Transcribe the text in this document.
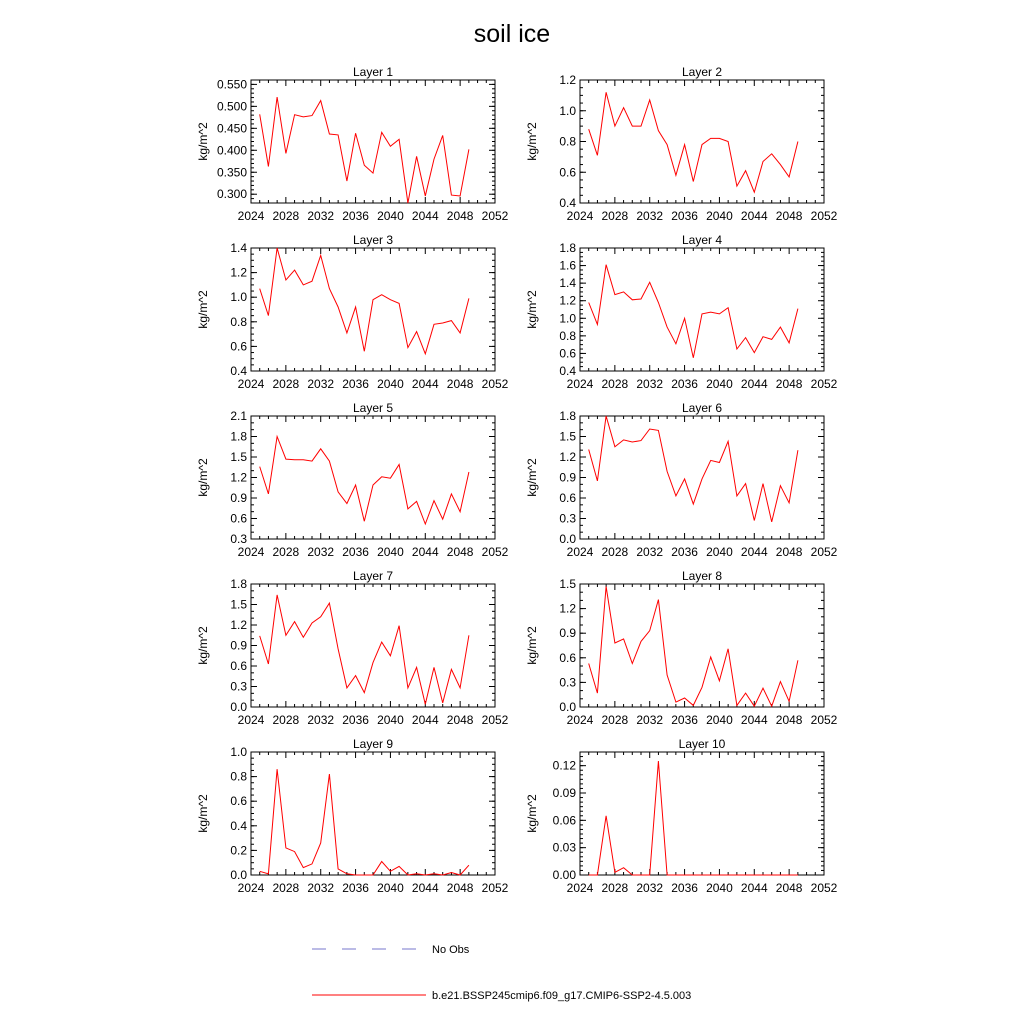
soil ice
Layer 1
2024 2028 2032 2036 2040 2044 2048 2052
0.300
0.350
0.400
0.450
0.500
0.550
kg/m^2
Layer 2
2024 2028 2032 2036 2040 2044 2048 2052
0.4
0.6
0.8
1.0
1.2
kg/m^2
Layer 3
2024 2028 2032 2036 2040 2044 2048 2052
0.4
0.6
0.8
1.0
1.2
1.4
kg/m^2
Layer 4
2024 2028 2032 2036 2040 2044 2048 2052
0.4
0.6
0.8
1.0
1.2
1.4
1.6
1.8
kg/m^2
Layer 5
2024 2028 2032 2036 2040 2044 2048 2052
0.3
0.6
0.9
1.2
1.5
1.8
2.1
kg/m^2
Layer 6
2024 2028 2032 2036 2040 2044 2048 2052
0.0
0.3
0.6
0.9
1.2
1.5
1.8
kg/m^2
Layer 7
2024 2028 2032 2036 2040 2044 2048 2052
0.0
0.3
0.6
0.9
1.2
1.5
1.8
kg/m^2
Layer 8
2024 2028 2032 2036 2040 2044 2048 2052
0.0
0.3
0.6
0.9
1.2
1.5
kg/m^2
Layer 9
2024 2028 2032 2036 2040 2044 2048 2052
0.0
0.2
0.4
0.6
0.8
1.0
kg/m^2
Layer 10
2024 2028 2032 2036 2040 2044 2048 2052
0.00
0.03
0.06
0.09
0.12
kg/m^2
No Obs
b.e21.BSSP245cmip6.f09_g17.CMIP6-SSP2-4.5.003
